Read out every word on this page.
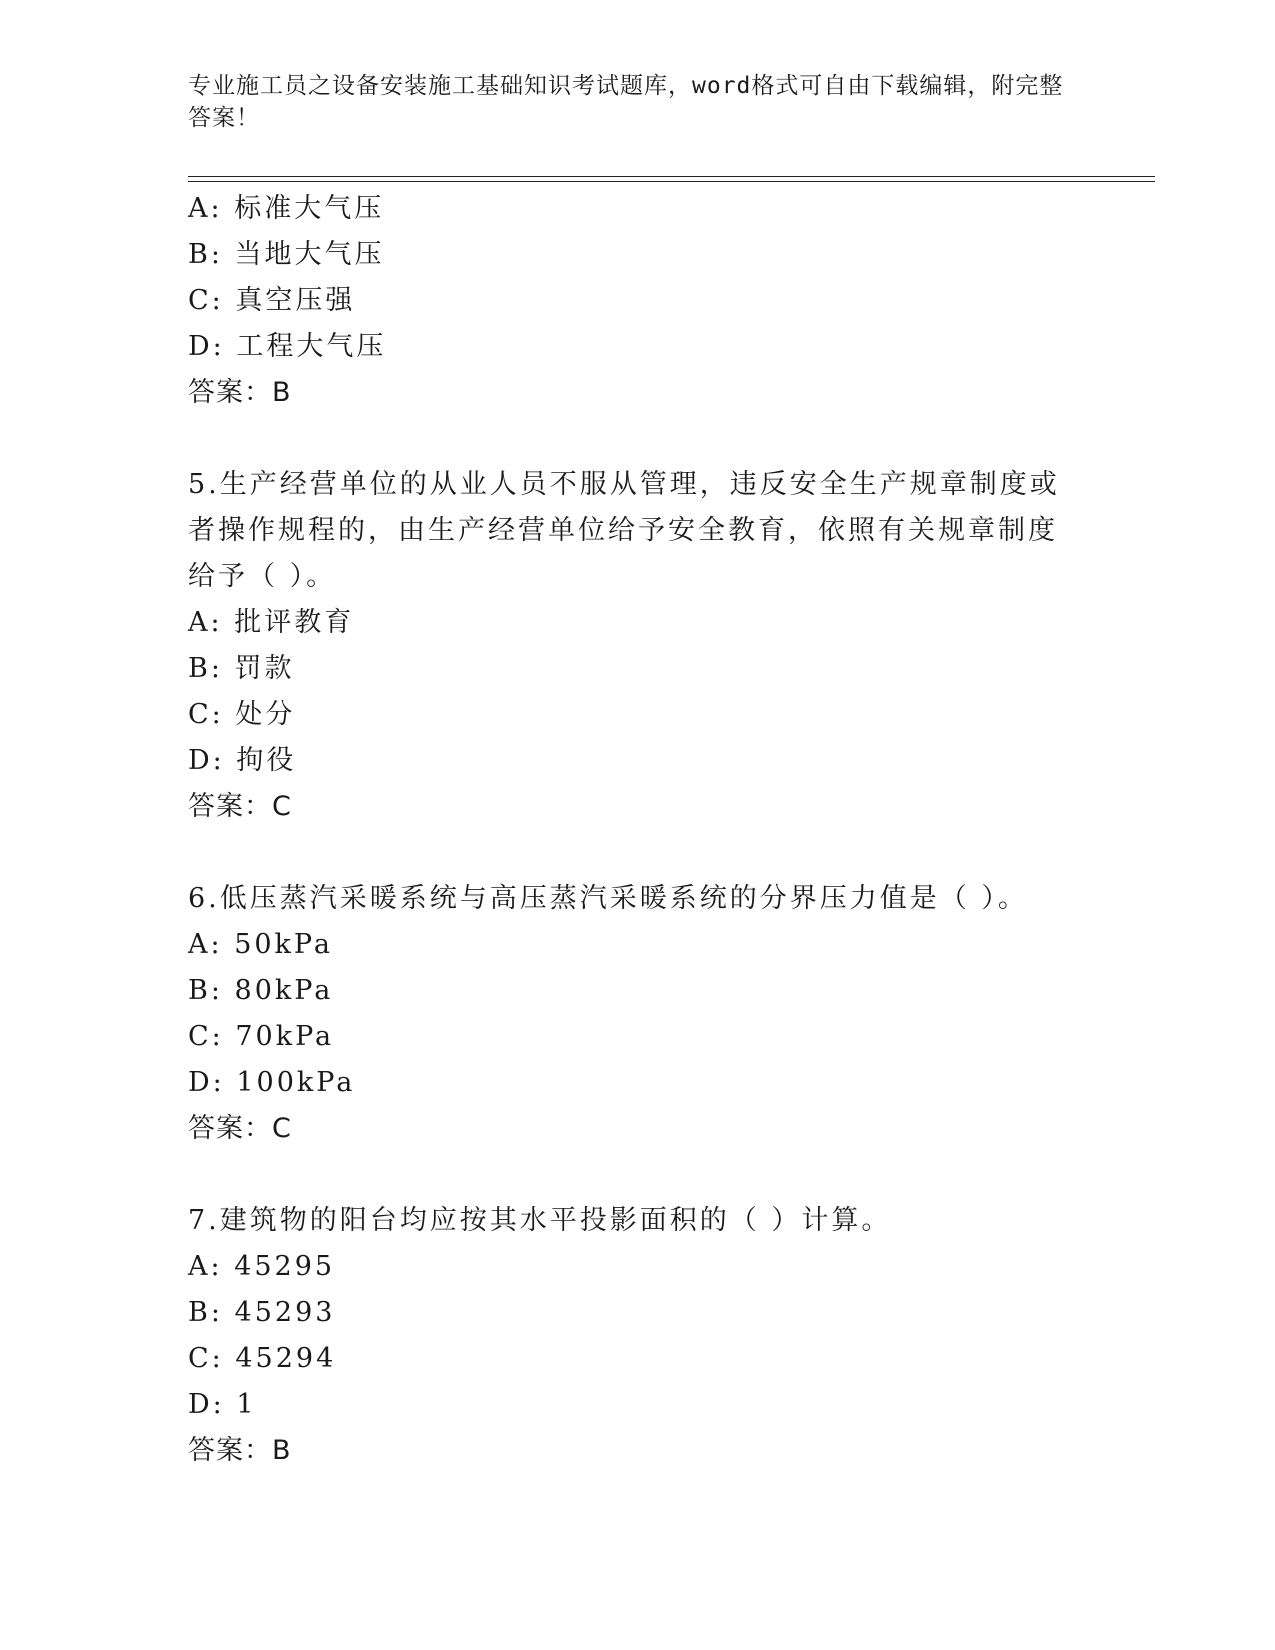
专业施工员之设备安装施工基础知识考试题库，word格式可自由下载编辑，附完整答案！
A: 标准大气压
B: 当地大气压
C: 真空压强
D: 工程大气压
答案：B
5.生产经营单位的从业人员不服从管理，违反安全生产规章制度或者操作规程的，由生产经营单位给予安全教育，依照有关规章制度给予（ ）。
A: 批评教育
B: 罚款
C: 处分
D: 拘役
答案：C
6.低压蒸汽采暖系统与高压蒸汽采暖系统的分界压力值是（ ）。
A: 50kPa
B: 80kPa
C: 70kPa
D: 100kPa
答案：C
7.建筑物的阳台均应按其水平投影面积的（ ）计算。
A: 45295
B: 45293
C: 45294
D: 1
答案：B
